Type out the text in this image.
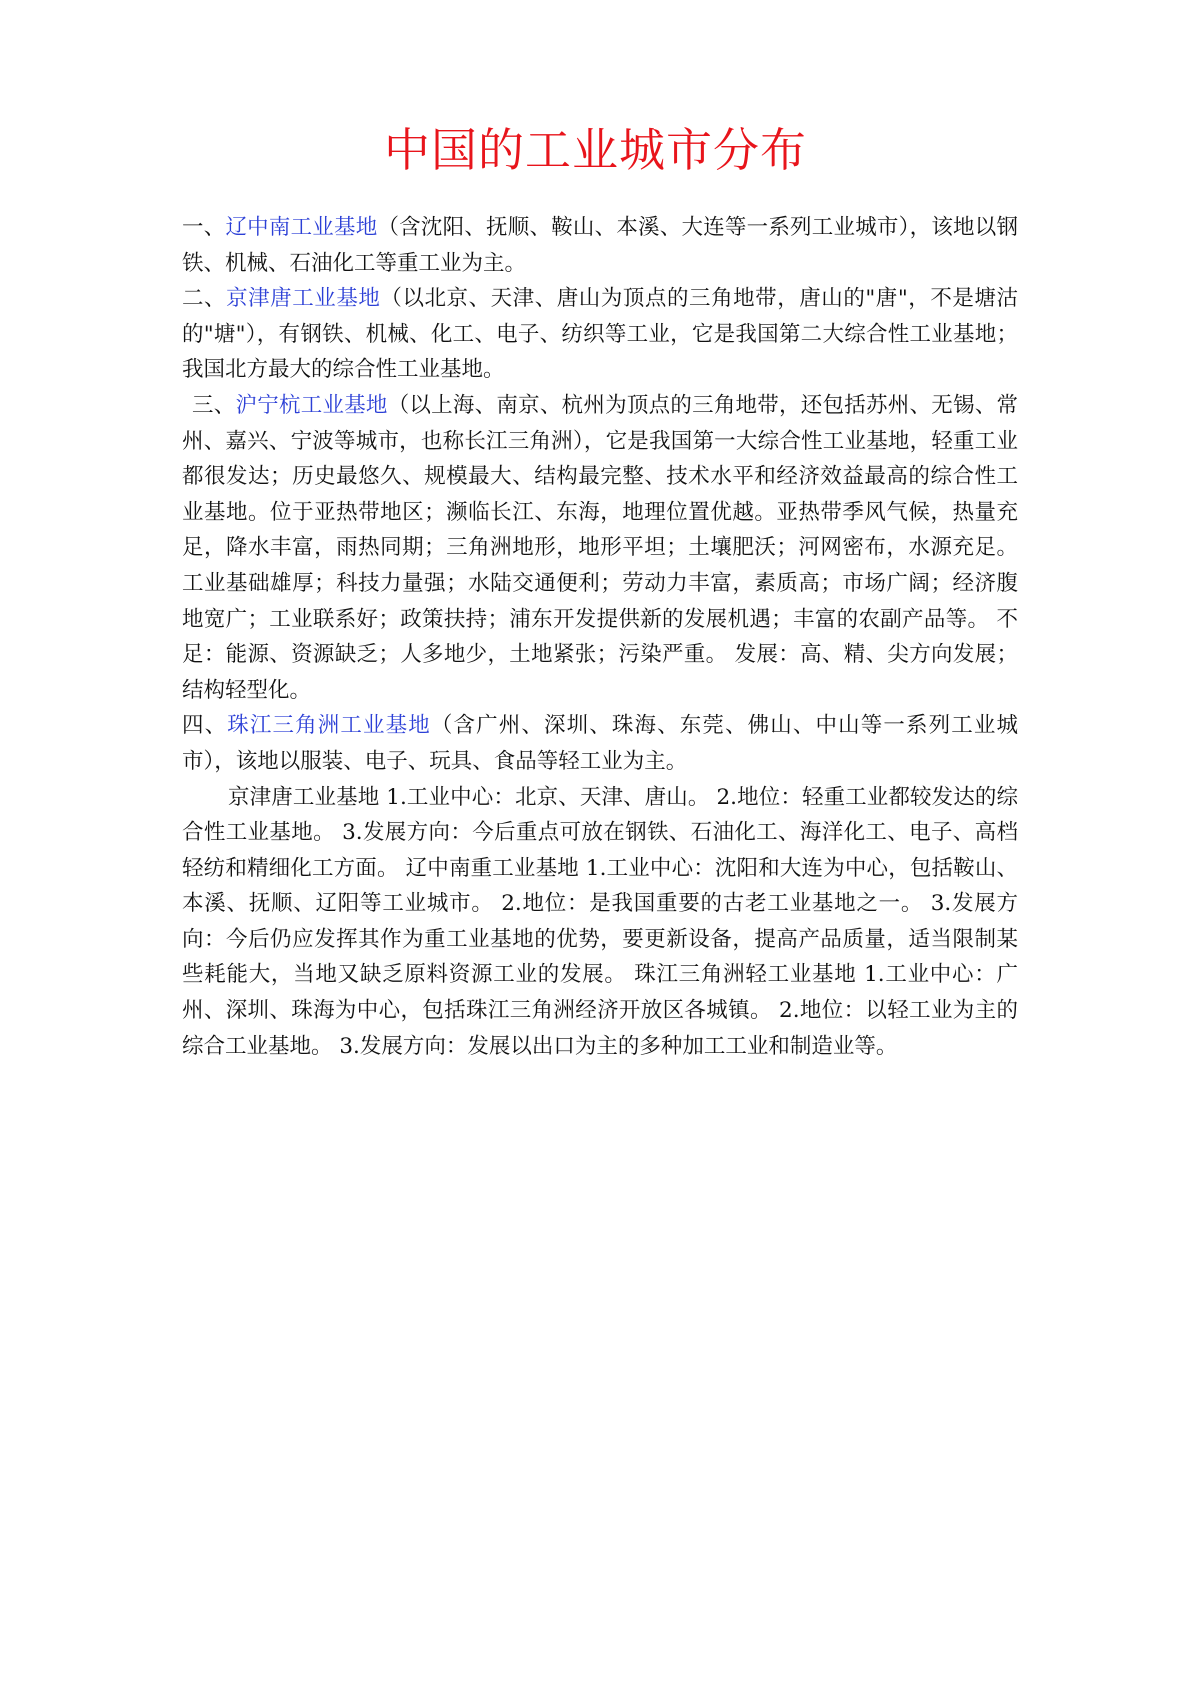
中国的工业城市分布

一、辽中南工业基地（含沈阳、抚顺、鞍山、本溪、大连等一系列工业城市），该地以钢铁、机械、石油化工等重工业为主。

二、京津唐工业基地（以北京、天津、唐山为顶点的三角地带，唐山的"唐"，不是塘沽的"塘"），有钢铁、机械、化工、电子、纺织等工业，它是我国第二大综合性工业基地；我国北方最大的综合性工业基地。

三、沪宁杭工业基地（以上海、南京、杭州为顶点的三角地带，还包括苏州、无锡、常州、嘉兴、宁波等城市，也称长江三角洲），它是我国第一大综合性工业基地，轻重工业都很发达；历史最悠久、规模最大、结构最完整、技术水平和经济效益最高的综合性工业基地。位于亚热带地区；濒临长江、东海，地理位置优越。亚热带季风气候，热量充足，降水丰富，雨热同期；三角洲地形，地形平坦；土壤肥沃；河网密布，水源充足。工业基础雄厚；科技力量强；水陆交通便利；劳动力丰富，素质高；市场广阔；经济腹地宽广；工业联系好；政策扶持；浦东开发提供新的发展机遇；丰富的农副产品等。 不足：能源、资源缺乏；人多地少，土地紧张；污染严重。 发展：高、精、尖方向发展；结构轻型化。

四、珠江三角洲工业基地（含广州、深圳、珠海、东莞、佛山、中山等一系列工业城市），该地以服装、电子、玩具、食品等轻工业为主。

京津唐工业基地 1.工业中心：北京、天津、唐山。 2.地位：轻重工业都较发达的综合性工业基地。 3.发展方向：今后重点可放在钢铁、石油化工、海洋化工、电子、高档轻纺和精细化工方面。 辽中南重工业基地 1.工业中心：沈阳和大连为中心，包括鞍山、本溪、抚顺、辽阳等工业城市。 2.地位：是我国重要的古老工业基地之一。 3.发展方向：今后仍应发挥其作为重工业基地的优势，要更新设备，提高产品质量，适当限制某些耗能大，当地又缺乏原料资源工业的发展。 珠江三角洲轻工业基地 1.工业中心：广州、深圳、珠海为中心，包括珠江三角洲经济开放区各城镇。 2.地位：以轻工业为主的综合工业基地。 3.发展方向：发展以出口为主的多种加工工业和制造业等。
